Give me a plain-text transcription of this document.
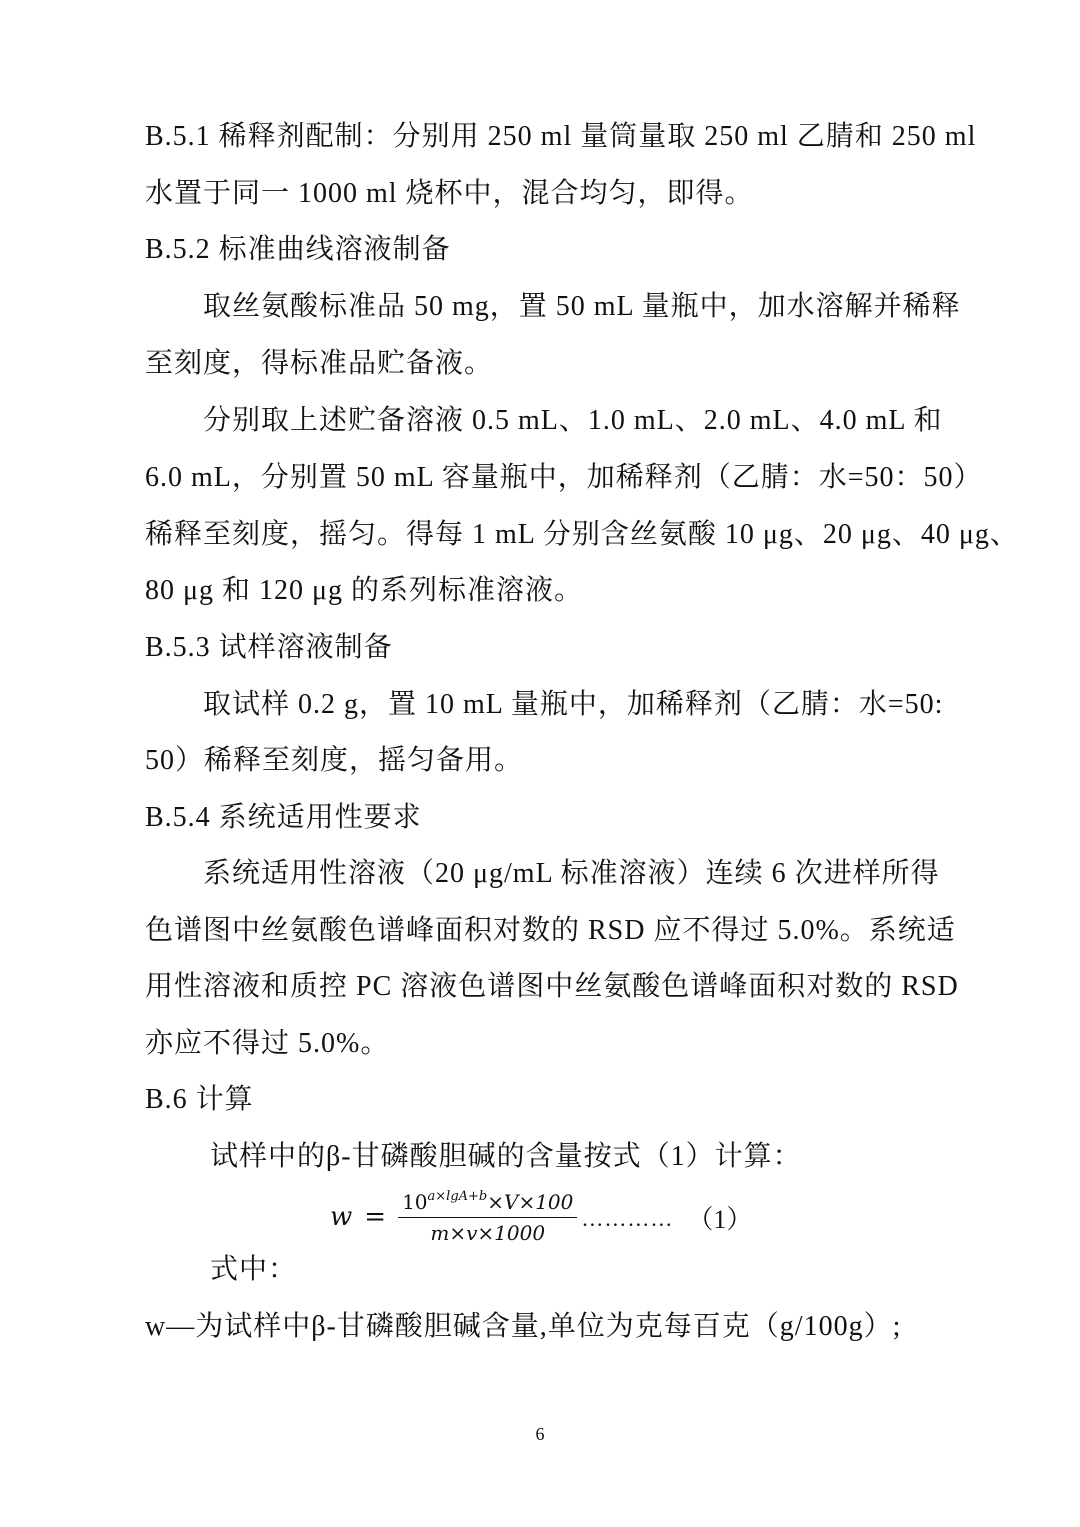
B.5.1 稀释剂配制：分别用 250 ml 量筒量取 250 ml 乙腈和 250 ml
水置于同一 1000 ml 烧杯中，混合均匀，即得。
B.5.2 标准曲线溶液制备
取丝氨酸标准品 50 mg，置 50 mL 量瓶中，加水溶解并稀释
至刻度，得标准品贮备液。
分别取上述贮备溶液 0.5 mL、1.0 mL、2.0 mL、4.0 mL 和
6.0 mL，分别置 50 mL 容量瓶中，加稀释剂（乙腈：水=50：50）
稀释至刻度，摇匀。得每 1 mL 分别含丝氨酸 10 μg、20 μg、40 μg、
80 μg 和 120 μg 的系列标准溶液。
B.5.3 试样溶液制备
取试样 0.2 g，置 10 mL 量瓶中，加稀释剂（乙腈：水=50:
50）稀释至刻度，摇匀备用。
B.5.4 系统适用性要求
系统适用性溶液（20 μg/mL 标准溶液）连续 6 次进样所得
色谱图中丝氨酸色谱峰面积对数的 RSD 应不得过 5.0%。系统适
用性溶液和质控 PC 溶液色谱图中丝氨酸色谱峰面积对数的 RSD
亦应不得过 5.0%。
B.6 计算
试样中的β-甘磷酸胆碱的含量按式（1）计算：
$w = \frac{10^{a\times lgA+b}\times V\times 100}{m\times v\times 1000}$ ………… （1）
式中：
w—为试样中β-甘磷酸胆碱含量,单位为克每百克（g/100g）;
6
